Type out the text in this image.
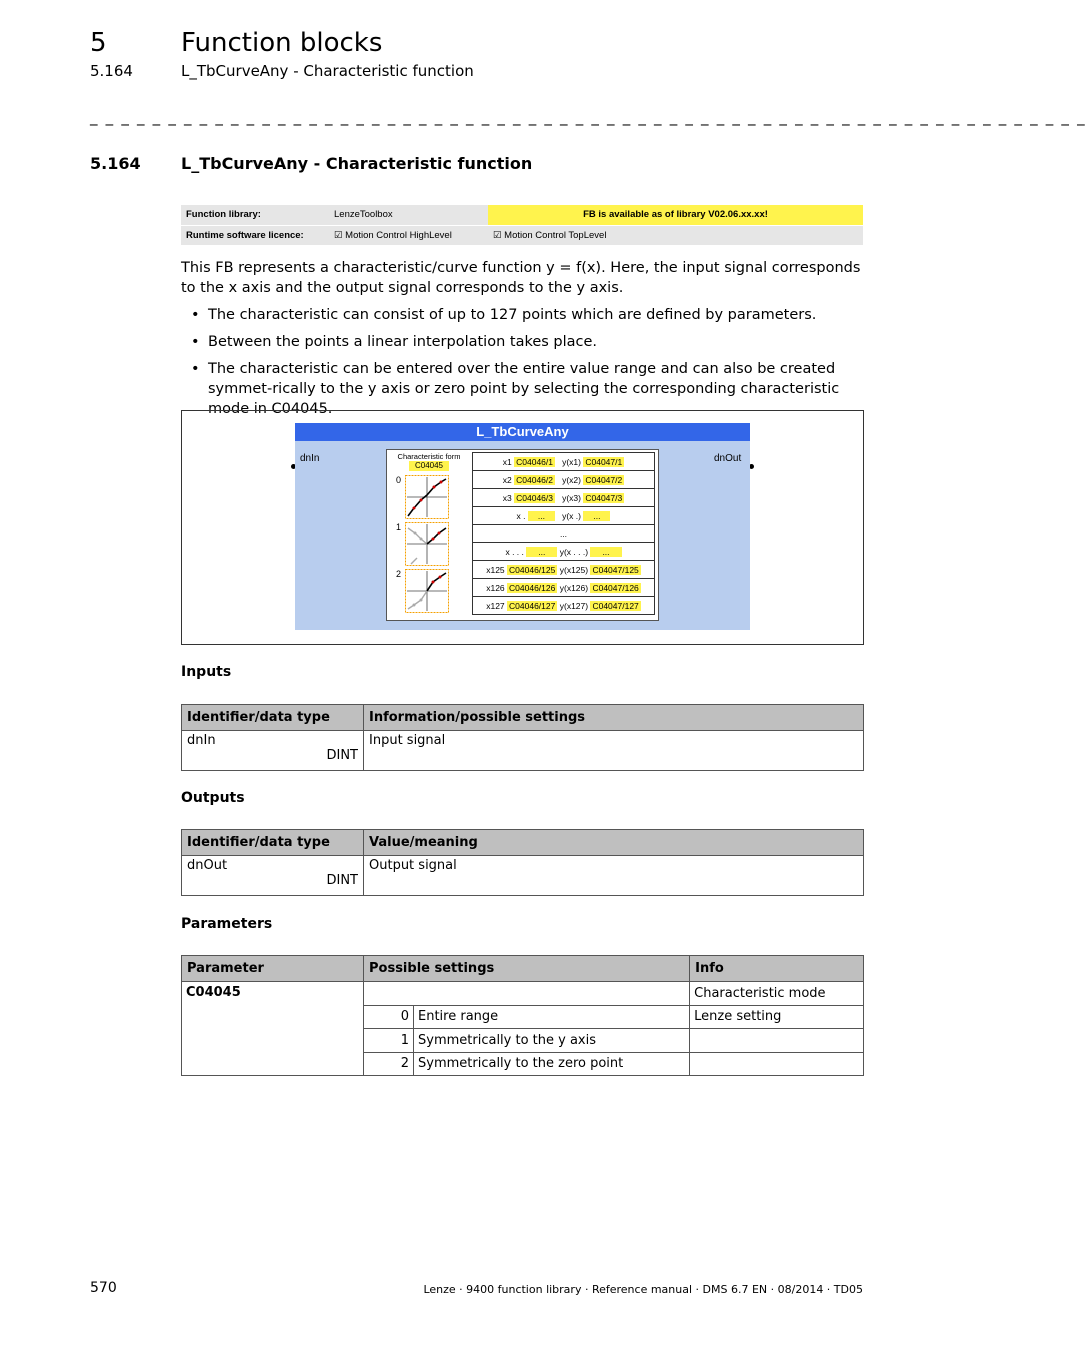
5	Function blocks
5.164	L_TbCurveAny - Characteristic function
_ _ _ _ _ _ _ _ _ _ _ _ _ _ _ _ _ _ _ _ _ _ _ _ _ _ _ _ _ _ _ _ _ _ _ _ _ _ _ _ _ _ _ _ _ _ _ _ _ _ _ _ _ _ _ _ _ _ _ _ _ _ _ _
5.164	L_TbCurveAny - Characteristic function
Function library:	LenzeToolbox	FB is available as of library V02.06.xx.xx!
Runtime software licence:	☑ Motion Control HighLevel	☑ Motion Control TopLevel

This FB represents a characteristic/curve function y = f(x). Here, the input signal corresponds to the x axis and the output signal corresponds to the y axis.

• The characteristic can consist of up to 127 points which are defined by parameters.
• Between the points a linear interpolation takes place.
• The characteristic can be entered over the entire value range and can also be created symmet-rically to the y axis or zero point by selecting the corresponding characteristic mode in C04045.
L_TbCurveAny
dnIn	dnOut
Characteristic form
C04045
0
1
2
x1 C04046/1 y(x1) C04047/1
x2 C04046/2 y(x2) C04047/2
x3 C04046/3 y(x3) C04047/3
x . ... y(x .) ...
...
x . . . ... y(x . . .) ...
x125 C04046/125 y(x125) C04047/125
x126 C04046/126 y(x126) C04047/126
x127 C04046/127 y(x127) C04047/127
Inputs
Identifier/data type	Information/possible settings
dnIn
DINT	Input signal
Outputs
Identifier/data type	Value/meaning
dnOut
DINT	Output signal
Parameters
Parameter	Possible settings		Info
C04045			Characteristic mode
	0	Entire range	Lenze setting
	1	Symmetrically to the y axis	
	2	Symmetrically to the zero point	
570	Lenze · 9400 function library · Reference manual · DMS 6.7 EN · 08/2014 · TD05
